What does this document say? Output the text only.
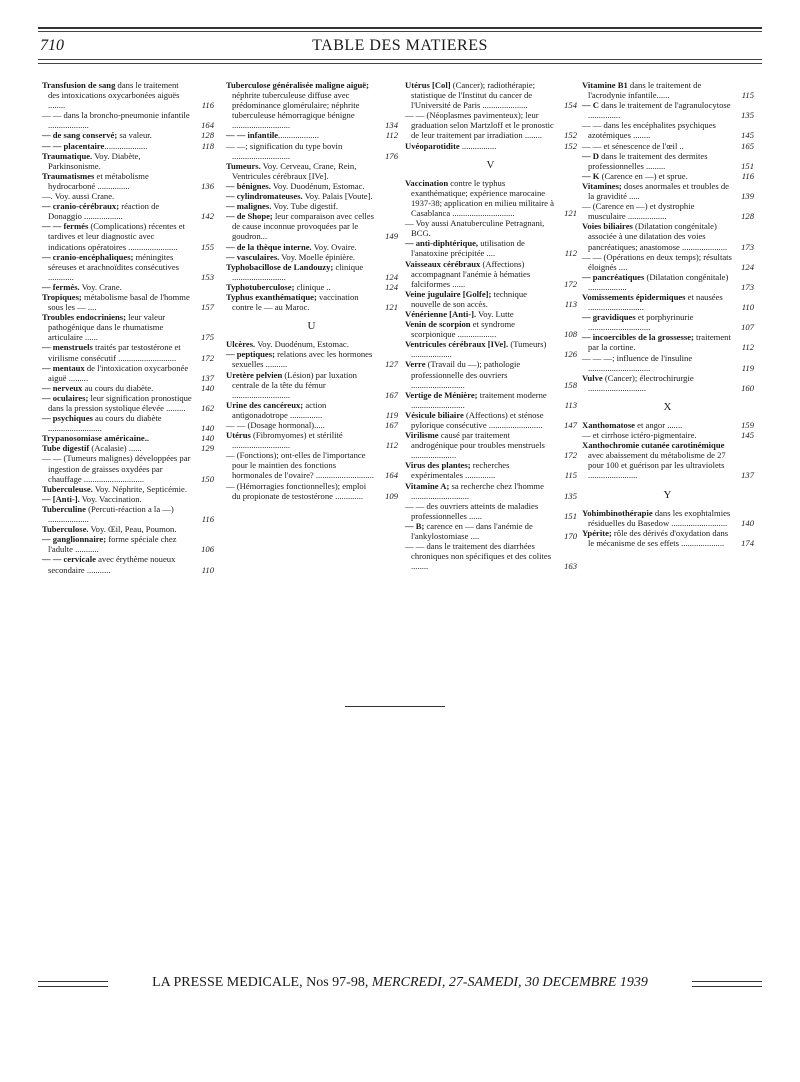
710	TABLE DES MATIERES
Transfusion de sang dans le traitement des intoxications oxycarbonées aiguës ........	116
— — dans la broncho-pneumonie infantile ...................	164
— de sang conservé; sa valeur.	128
— — placentaire....................	118
Traumatique. Voy. Diabète, Parkinsonisme.
Traumatismes et métabolisme hydrocarboné ...............	136
—. Voy. aussi Crane.
— cranio-cérébraux; réaction de Donaggio ..................	142
— — fermés (Complications) récentes et tardives et leur diagnostic avec indications opératoires .......................	155
— cranio-encéphaliques; méningites séreuses et arachnoïdites consécutives ............	153
— fermés. Voy. Crane.
Tropiques; métabolisme basal de l'homme sous les — ....	157
Troubles endocriniens; leur valeur pathogénique dans le rhumatisme articulaire ......	175
— menstruels traités par testostérone et virilisme consécutif ...........................	172
— mentaux de l'intoxication oxycarbonée aiguë .........	137
— nerveux au cours du diabète.	140
— oculaires; leur signification pronostique dans la pression systolique élevée ......... 162
— psychiques au cours du diabète .........................	140
Trypanosomiase américaine..	140
Tube digestif (Acalasie) ......	129
— — (Tumeurs malignes) développées par ingestion de graisses oxydées par chauffage ............................	150
Tuberculeuse. Voy. Néphrite, Septicémie.
— [Anti-]. Voy. Vaccination.
Tuberculine (Percuti-réaction a la —) ...................	116
Tuberculose. Voy. Œil, Peau, Poumon.
— ganglionnaire; forme spéciale chez l'adulte ...........	106
— — cervicale avec érythème noueux secondaire ...........	110
Tuberculose généralisée maligne aiguë; néphrite tuberculeuse diffuse avec prédominance glomérulaire; néphrite tuberculeuse hémorragique bénigne ...........................	134
— — infantile...................	112
— —; signification du type bovin ...........................	176
Tumeurs. Voy. Cerveau, Crane, Rein, Ventricules cérébraux [IVe].
— bénignes. Voy. Duodénum, Estomac.
— cylindromateuses. Voy. Palais [Voute].
— malignes. Voy. Tube digestif.
— de Shope; leur comparaison avec celles de cause inconnue provoquées par le goudron...	149
— de la thèque interne. Voy. Ovaire.
— vasculaires. Voy. Moelle épinière.
Typhobacillose de Landouzy; clinique .........................	124
Typhotuberculose; clinique ..	124
Typhus exanthématique; vaccination contre le — au Maroc.	121
U
Ulcères. Voy. Duodénum, Estomac.
— peptiques; relations avec les hormones sexuelles ..........	127
Uretère pelvien (Lésion) par luxation centrale de la tête du fémur ...........................	167
Urine des cancéreux; action antigonadotrope ...............	119
— — (Dosage hormonal).....	167
Utérus (Fibromyomes) et stérilité ...........................	112
— (Fonctions); ont-elles de l'importance pour le maintien des fonctions hormonales de l'ovaire? ........................... 164
— (Hémorragies fonctionnelles); emploi du propionate de testostérone .............	109
Utérus [Col] (Cancer); radiothérapie; statistique de l'Institut du cancer de l'Université de Paris .....................	154
— — (Néoplasmes pavimenteux); leur graduation selon Martzloff et le pronostic de leur traitement par irradiation ........	152
Uvéoparotidite ................	152
V
Vaccination contre le typhus exanthématique; expérience marocaine 1937-38; application en milieu militaire à Casablanca .............................	121
— Voy aussi Anatuberculine Petragnani, BCG.
— anti-diphtérique, utilisation de l'anatoxine précipitée ....	112
Vaisseaux cérébraux (Affections) accompagnant l'anémie à hématies falciformes ......	172
Veine jugulaire [Golfe]; technique nouvelle de son accès.	113
Vénérienne [Anti-]. Voy. Lutte
Venin de scorpion et syndrome scorpionique ..................	108
Ventricules cérébraux [IVe]. (Tumeurs) ...................	126
Verre (Travail du —); pathologie professionnelle des ouvriers .........................	158
Vertige de Ménière; traitement moderne .........................	113
Vésicule biliaire (Affections) et sténose pylorique consécutive .........................	147
Virilisme causé par traitement androgénique pour troubles menstruels .....................	172
Virus des plantes; recherches expérimentales ..............	115
Vitamine A; sa recherche chez l'homme ...........................	135
— — des ouvriers atteints de maladies professionnelles ......	151
— B; carence en — dans l'anémie de l'ankylostomiase ....	170
— — dans le traitement des diarrhées chroniques non spécifiques et des colites ........	163
Vitamine B1 dans le traitement de l'acrodynie infantile......	115
— C dans le traitement de l'agranulocytose ...............	135
— — dans les encéphalites psychiques azotémiques ........	145
— — et sénescence de l'œil ..	165
— D dans le traitement des dermites professionnelles .........	151
— K (Carence en —) et sprue.	116
Vitamines; doses anormales et troubles de la gravidité .....	139
— (Carence en —) et dystrophie musculaire ..................	128
Voies biliaires (Dilatation congénitale) associée à une dilatation des voies pancréatiques; anastomose ..................... 173
— — (Opérations en deux temps); résultats éloignés ....	124
— pancréatiques (Dilatation congénitale) ..................	173
Vomissements épidermiques et nausées ..........................	110
— gravidiques et porphyrinurie .............................	107
— incoercibles de la grossesse; traitement par la cortine.	112
— — —; influence de l'insuline .............................	119
Vulve (Cancer); électrochirurgie ...........................	160
X
Xanthomatose et angor .......	159
— et cirrhose ictéro-pigmentaire.	145
Xanthochromie cutanée carotinémique avec abaissement du métabolisme de 27 pour 100 et guérison par les ultraviolets .......................	137
Y
Yohimbinothérapie dans les exophtalmies résiduelles du Basedow .......................... 140
Ypérite; rôle des dérivés d'oxydation dans le mécanisme de ses effets .................... 174
LA PRESSE MEDICALE, Nos 97-98, MERCREDI, 27-SAMEDI, 30 DECEMBRE 1939
